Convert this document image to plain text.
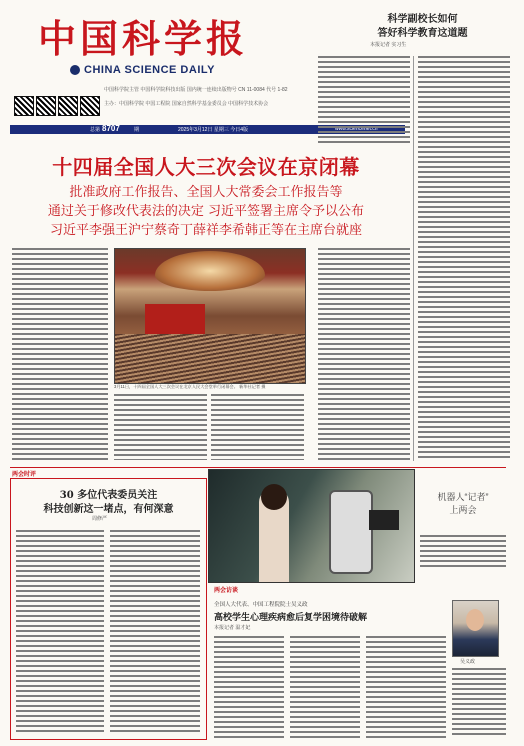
中国科学报
CHINA SCIENCE DAILY
中国科学院主管 中国科学院科技出版 国内统一连续出版物号 CN 11-0084 代号 1-82
主办：中国科学院 中国工程院 国家自然科学基金委员会 中国科学技术协会
总第 8707	期	2025年3月12日 星期三 今日4版	www.sciencenet.cn
科学副校长如何
答好科学教育这道题
本报记者 实习生
十四届全国人大三次会议在京闭幕
批准政府工作报告、全国人大常委会工作报告等
通过关于修改代表法的决定 习近平签署主席令予以公布
习近平李强王沪宁蔡奇丁薛祥李希韩正等在主席台就座
3月11日，十四届全国人大三次会议在北京人民大会堂举行闭幕会。 新华社记者 摄
两会时评
30 多位代表委员关注
科技创新这一堵点，有何深意
周修严
机器人“记者”
上两会
两会访谈
全国人大代表、中国工程院院士吴义政
高校学生心理疾病愈后复学困境待破解
本报记者 温才妃
吴义政
